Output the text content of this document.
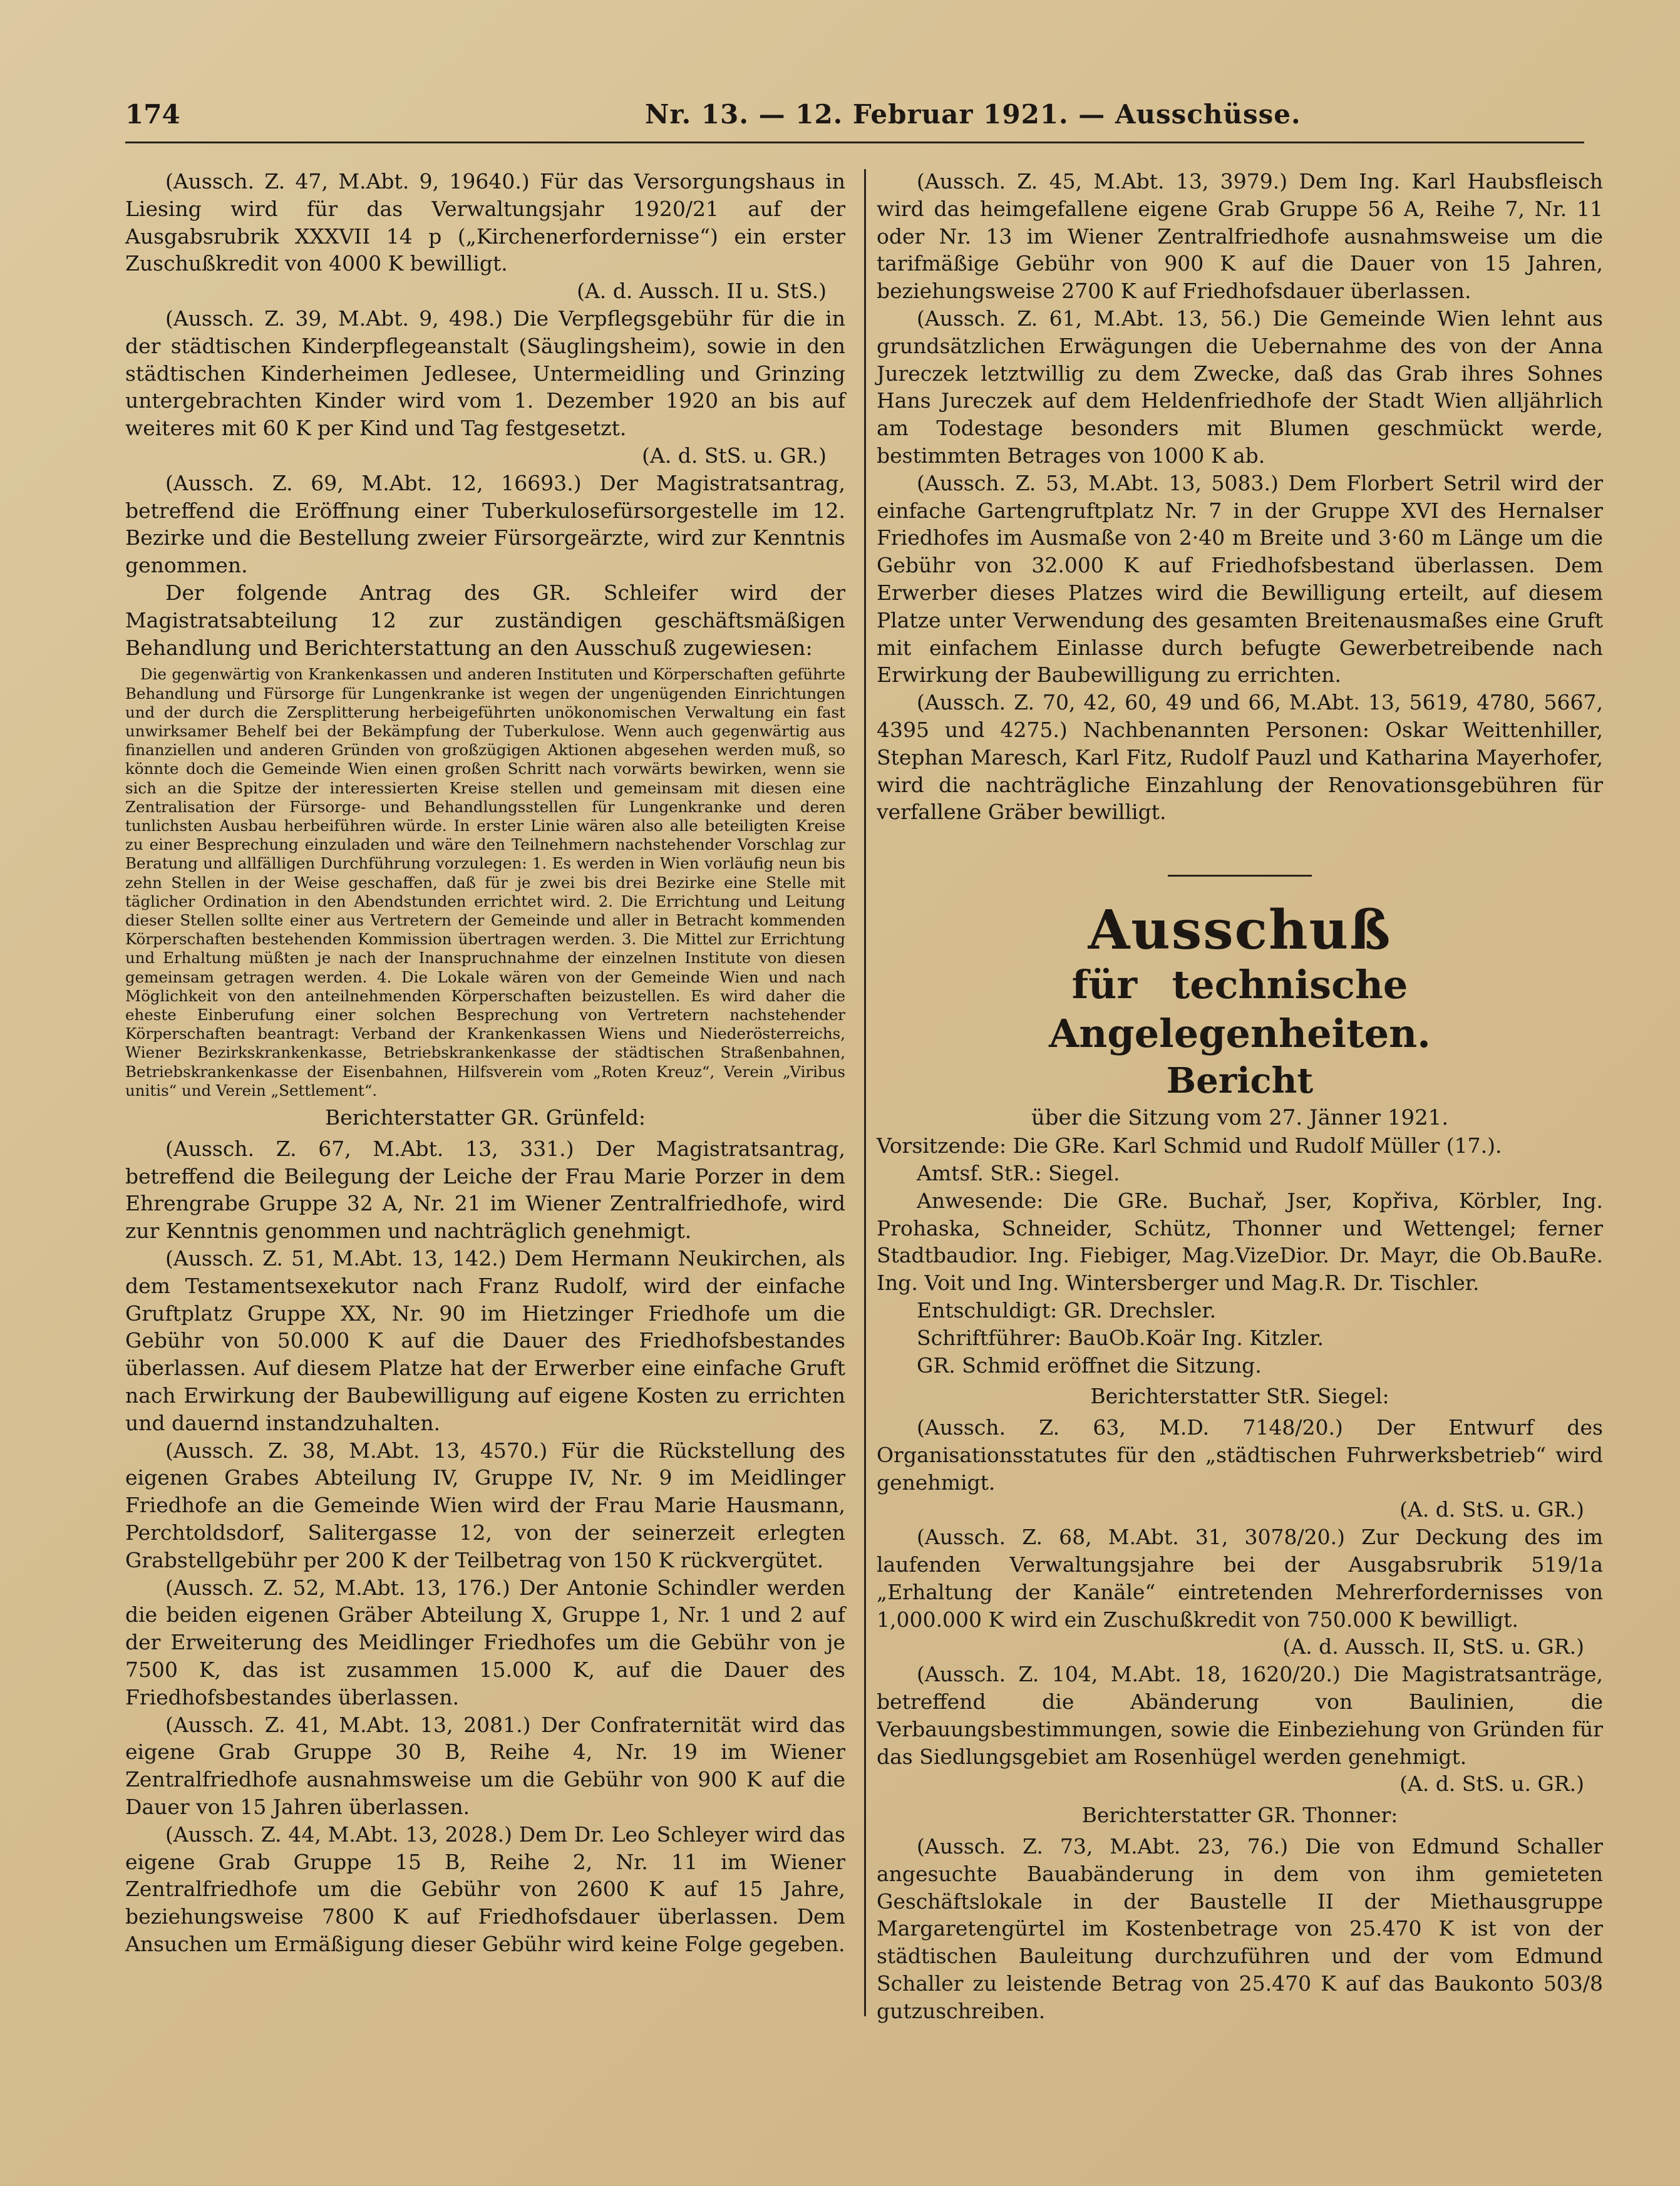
174	Nr. 13. — 12. Februar 1921. — Ausschüsse.

(Aussch. Z. 47, M.Abt. 9, 19640.) Für das Versorgungshaus in Liesing wird für das Verwaltungsjahr 1920/21 auf der Ausgabsrubrik XXXVII 14 p („Kirchenerfordernisse“) ein erster Zuschußkredit von 4000 K bewilligt.

(A. d. Aussch. II u. StS.)

(Aussch. Z. 39, M.Abt. 9, 498.) Die Verpflegsgebühr für die in der städtischen Kinderpflegeanstalt (Säuglingsheim), sowie in den städtischen Kinderheimen Jedlesee, Untermeidling und Grinzing untergebrachten Kinder wird vom 1. Dezember 1920 an bis auf weiteres mit 60 K per Kind und Tag festgesetzt.

(A. d. StS. u. GR.)

(Aussch. Z. 69, M.Abt. 12, 16693.) Der Magistratsantrag, betreffend die Eröffnung einer Tuberkulosefürsorgestelle im 12. Bezirke und die Bestellung zweier Fürsorgeärzte, wird zur Kenntnis genommen.

Der folgende Antrag des GR. Schleifer wird der Magistratsabteilung 12 zur zuständigen geschäftsmäßigen Behandlung und Berichterstattung an den Ausschuß zugewiesen:

Die gegenwärtig von Krankenkassen und anderen Instituten und Körperschaften geführte Behandlung und Fürsorge für Lungenkranke ist wegen der ungenügenden Einrichtungen und der durch die Zersplitterung herbeigeführten unökonomischen Verwaltung ein fast unwirksamer Behelf bei der Bekämpfung der Tuberkulose. Wenn auch gegenwärtig aus finanziellen und anderen Gründen von großzügigen Aktionen abgesehen werden muß, so könnte doch die Gemeinde Wien einen großen Schritt nach vorwärts bewirken, wenn sie sich an die Spitze der interessierten Kreise stellen und gemeinsam mit diesen eine Zentralisation der Fürsorge- und Behandlungsstellen für Lungenkranke und deren tunlichsten Ausbau herbeiführen würde. In erster Linie wären also alle beteiligten Kreise zu einer Besprechung einzuladen und wäre den Teilnehmern nachstehender Vorschlag zur Beratung und allfälligen Durchführung vorzulegen: 1. Es werden in Wien vorläufig neun bis zehn Stellen in der Weise geschaffen, daß für je zwei bis drei Bezirke eine Stelle mit täglicher Ordination in den Abendstunden errichtet wird. 2. Die Errichtung und Leitung dieser Stellen sollte einer aus Vertretern der Gemeinde und aller in Betracht kommenden Körperschaften bestehenden Kommission übertragen werden. 3. Die Mittel zur Errichtung und Erhaltung müßten je nach der Inanspruchnahme der einzelnen Institute von diesen gemeinsam getragen werden. 4. Die Lokale wären von der Gemeinde Wien und nach Möglichkeit von den anteilnehmenden Körperschaften beizustellen. Es wird daher die eheste Einberufung einer solchen Besprechung von Vertretern nachstehender Körperschaften beantragt: Verband der Krankenkassen Wiens und Niederösterreichs, Wiener Bezirkskrankenkasse, Betriebskrankenkasse der städtischen Straßenbahnen, Betriebskrankenkasse der Eisenbahnen, Hilfsverein vom „Roten Kreuz“, Verein „Viribus unitis“ und Verein „Settlement“.

Berichterstatter GR. Grünfeld:

(Aussch. Z. 67, M.Abt. 13, 331.) Der Magistratsantrag, betreffend die Beilegung der Leiche der Frau Marie Porzer in dem Ehrengrabe Gruppe 32 A, Nr. 21 im Wiener Zentralfriedhofe, wird zur Kenntnis genommen und nachträglich genehmigt.

(Aussch. Z. 51, M.Abt. 13, 142.) Dem Hermann Neukirchen, als dem Testamentsexekutor nach Franz Rudolf, wird der einfache Gruftplatz Gruppe XX, Nr. 90 im Hietzinger Friedhofe um die Gebühr von 50.000 K auf die Dauer des Friedhofsbestandes überlassen. Auf diesem Platze hat der Erwerber eine einfache Gruft nach Erwirkung der Baubewilligung auf eigene Kosten zu errichten und dauernd instandzuhalten.

(Aussch. Z. 38, M.Abt. 13, 4570.) Für die Rückstellung des eigenen Grabes Abteilung IV, Gruppe IV, Nr. 9 im Meidlinger Friedhofe an die Gemeinde Wien wird der Frau Marie Hausmann, Perchtoldsdorf, Salitergasse 12, von der seinerzeit erlegten Grabstellgebühr per 200 K der Teilbetrag von 150 K rückvergütet.

(Aussch. Z. 52, M.Abt. 13, 176.) Der Antonie Schindler werden die beiden eigenen Gräber Abteilung X, Gruppe 1, Nr. 1 und 2 auf der Erweiterung des Meidlinger Friedhofes um die Gebühr von je 7500 K, das ist zusammen 15.000 K, auf die Dauer des Friedhofsbestandes überlassen.

(Aussch. Z. 41, M.Abt. 13, 2081.) Der Confraternität wird das eigene Grab Gruppe 30 B, Reihe 4, Nr. 19 im Wiener Zentralfriedhofe ausnahmsweise um die Gebühr von 900 K auf die Dauer von 15 Jahren überlassen.

(Aussch. Z. 44, M.Abt. 13, 2028.) Dem Dr. Leo Schleyer wird das eigene Grab Gruppe 15 B, Reihe 2, Nr. 11 im Wiener Zentralfriedhofe um die Gebühr von 2600 K auf 15 Jahre, beziehungsweise 7800 K auf Friedhofsdauer überlassen. Dem Ansuchen um Ermäßigung dieser Gebühr wird keine Folge gegeben.

(Aussch. Z. 45, M.Abt. 13, 3979.) Dem Ing. Karl Haubsfleisch wird das heimgefallene eigene Grab Gruppe 56 A, Reihe 7, Nr. 11 oder Nr. 13 im Wiener Zentralfriedhofe ausnahmsweise um die tarifmäßige Gebühr von 900 K auf die Dauer von 15 Jahren, beziehungsweise 2700 K auf Friedhofsdauer überlassen.

(Aussch. Z. 61, M.Abt. 13, 56.) Die Gemeinde Wien lehnt aus grundsätzlichen Erwägungen die Uebernahme des von der Anna Jureczek letztwillig zu dem Zwecke, daß das Grab ihres Sohnes Hans Jureczek auf dem Heldenfriedhofe der Stadt Wien alljährlich am Todestage besonders mit Blumen geschmückt werde, bestimmten Betrages von 1000 K ab.

(Aussch. Z. 53, M.Abt. 13, 5083.) Dem Florbert Setril wird der einfache Gartengruftplatz Nr. 7 in der Gruppe XVI des Hernalser Friedhofes im Ausmaße von 2·40 m Breite und 3·60 m Länge um die Gebühr von 32.000 K auf Friedhofsbestand überlassen. Dem Erwerber dieses Platzes wird die Bewilligung erteilt, auf diesem Platze unter Verwendung des gesamten Breitenausmaßes eine Gruft mit einfachem Einlasse durch befugte Gewerbetreibende nach Erwirkung der Baubewilligung zu errichten.

(Aussch. Z. 70, 42, 60, 49 und 66, M.Abt. 13, 5619, 4780, 5667, 4395 und 4275.) Nachbenannten Personen: Oskar Weittenhiller, Stephan Maresch, Karl Fitz, Rudolf Pauzl und Katharina Mayerhofer, wird die nachträgliche Einzahlung der Renovationsgebühren für verfallene Gräber bewilligt.

Ausschuß

für technische Angelegenheiten.

Bericht

über die Sitzung vom 27. Jänner 1921.

Vorsitzende: Die GRe. Karl Schmid und Rudolf Müller (17.).

Amtsf. StR.: Siegel.

Anwesende: Die GRe. Buchař, Jser, Kopřiva, Körbler, Ing. Prohaska, Schneider, Schütz, Thonner und Wettengel; ferner Stadtbaudior. Ing. Fiebiger, Mag.VizeDior. Dr. Mayr, die Ob.BauRe. Ing. Voit und Ing. Wintersberger und Mag.R. Dr. Tischler.

Entschuldigt: GR. Drechsler.

Schriftführer: BauOb.Koär Ing. Kitzler.

GR. Schmid eröffnet die Sitzung.

Berichterstatter StR. Siegel:

(Aussch. Z. 63, M.D. 7148/20.) Der Entwurf des Organisationsstatutes für den „städtischen Fuhrwerksbetrieb“ wird genehmigt.

(A. d. StS. u. GR.)

(Aussch. Z. 68, M.Abt. 31, 3078/20.) Zur Deckung des im laufenden Verwaltungsjahre bei der Ausgabsrubrik 519/1a „Erhaltung der Kanäle“ eintretenden Mehrerfordernisses von 1,000.000 K wird ein Zuschußkredit von 750.000 K bewilligt.

(A. d. Aussch. II, StS. u. GR.)

(Aussch. Z. 104, M.Abt. 18, 1620/20.) Die Magistratsanträge, betreffend die Abänderung von Baulinien, die Verbauungsbestimmungen, sowie die Einbeziehung von Gründen für das Siedlungsgebiet am Rosenhügel werden genehmigt.

(A. d. StS. u. GR.)

Berichterstatter GR. Thonner:

(Aussch. Z. 73, M.Abt. 23, 76.) Die von Edmund Schaller angesuchte Bauabänderung in dem von ihm gemieteten Geschäftslokale in der Baustelle II der Miethausgruppe Margaretengürtel im Kostenbetrage von 25.470 K ist von der städtischen Bauleitung durchzuführen und der vom Edmund Schaller zu leistende Betrag von 25.470 K auf das Baukonto 503/8 gutzuschreiben.
